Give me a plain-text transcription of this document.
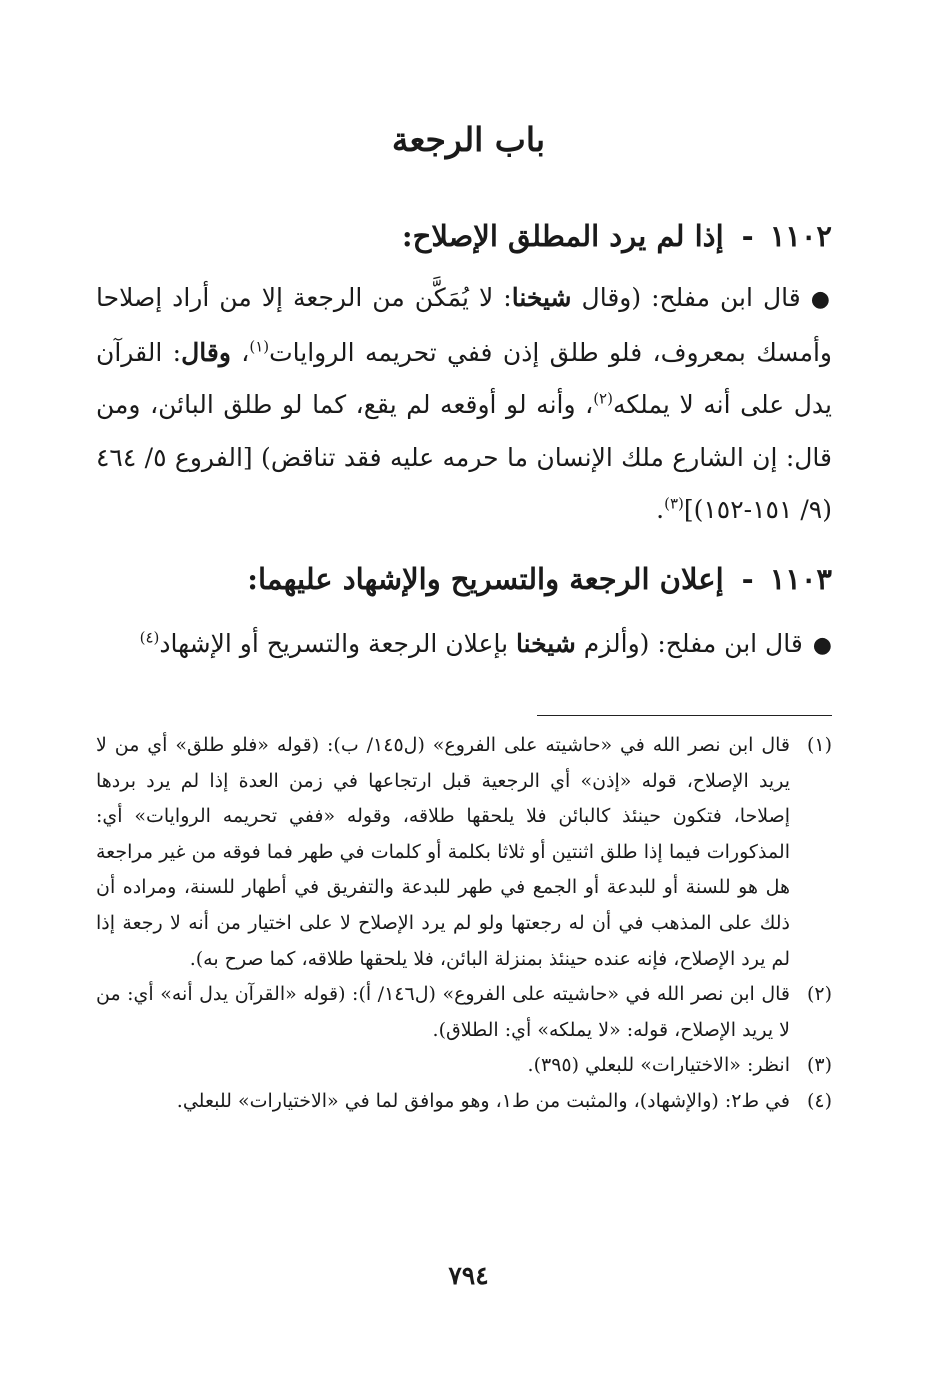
باب الرجعة
١١٠٢-إذا لم يرد المطلق الإصلاح:

●قال ابن مفلح: (وقال شيخنا: لا يُمَكَّن من الرجعة إلا من أراد إصلاحا وأمسك بمعروف، فلو طلق إذن ففي تحريمه الروايات$^{(١)}$، وقال: القرآن يدل على أنه لا يملكه$^{(٢)}$، وأنه لو أوقعه لم يقع، كما لو طلق البائن، ومن قال: إن الشارع ملك الإنسان ما حرمه عليه فقد تناقض) [الفروع ٥/ ٤٦٤ (٩/ ١٥١-١٥٢)]$^{(٣)}$.

١١٠٣-إعلان الرجعة والتسريح والإشهاد عليهما:

●قال ابن مفلح: (وألزم شيخنا بإعلان الرجعة والتسريح أو الإشهاد$^{(٤)}$

(١)
قال ابن نصر الله في «حاشيته على الفروع» (ل١٤٥/ ب): (قوله «فلو طلق» أي من لا يريد الإصلاح، قوله «إذن» أي الرجعية قبل ارتجاعها في زمن العدة إذا لم يرد بردها إصلاحا، فتكون حينئذ كالبائن فلا يلحقها طلاقه، وقوله «ففي تحريمه الروايات» أي: المذكورات فيما إذا طلق اثنتين أو ثلاثا بكلمة أو كلمات في طهر فما فوقه من غير مراجعة هل هو للسنة أو للبدعة أو الجمع في طهر للبدعة والتفريق في أطهار للسنة، ومراده أن ذلك على المذهب في أن له رجعتها ولو لم يرد الإصلاح لا على اختيار من أنه لا رجعة إذا لم يرد الإصلاح، فإنه عنده حينئذ بمنزلة البائن، فلا يلحقها طلاقه، كما صرح به).
(٢)
قال ابن نصر الله في «حاشيته على الفروع» (ل١٤٦/ أ): (قوله «القرآن يدل أنه» أي: من لا يريد الإصلاح، قوله: «لا يملكه» أي: الطلاق).
(٣)
انظر: «الاختيارات» للبعلي (٣٩٥).
(٤)
في ط٢: (والإشهاد)، والمثبت من ط١، وهو موافق لما في «الاختيارات» للبعلي.
٧٩٤
